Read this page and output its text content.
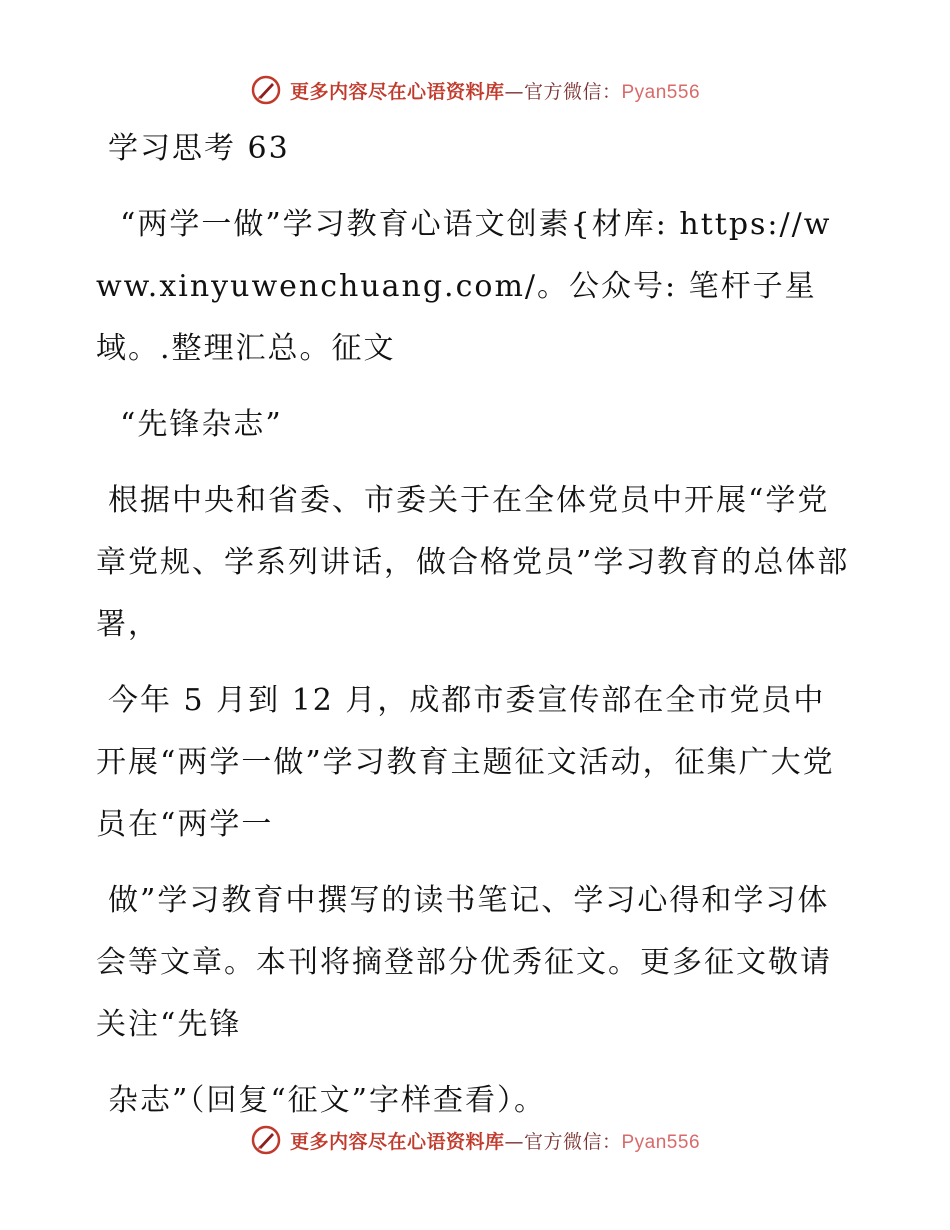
更多内容尽在心语资料库—官方微信：Pyan556

学习思考 63

“两学一做”学习教育心语文创素{材库: https://www.xinyuwenchuang.com/。公众号: 笔杆子星域。.整理汇总。征文

“先锋杂志”

根据中央和省委、市委关于在全体党员中开展“学党章党规、学系列讲话，做合格党员”学习教育的总体部署，

今年 5 月到 12 月，成都市委宣传部在全市党员中开展“两学一做”学习教育主题征文活动，征集广大党员在“两学一

做”学习教育中撰写的读书笔记、学习心得和学习体会等文章。本刊将摘登部分优秀征文。更多征文敬请关注“先锋

杂志”（回复“征文”字样查看）。

更多内容尽在心语资料库—官方微信：Pyan556
